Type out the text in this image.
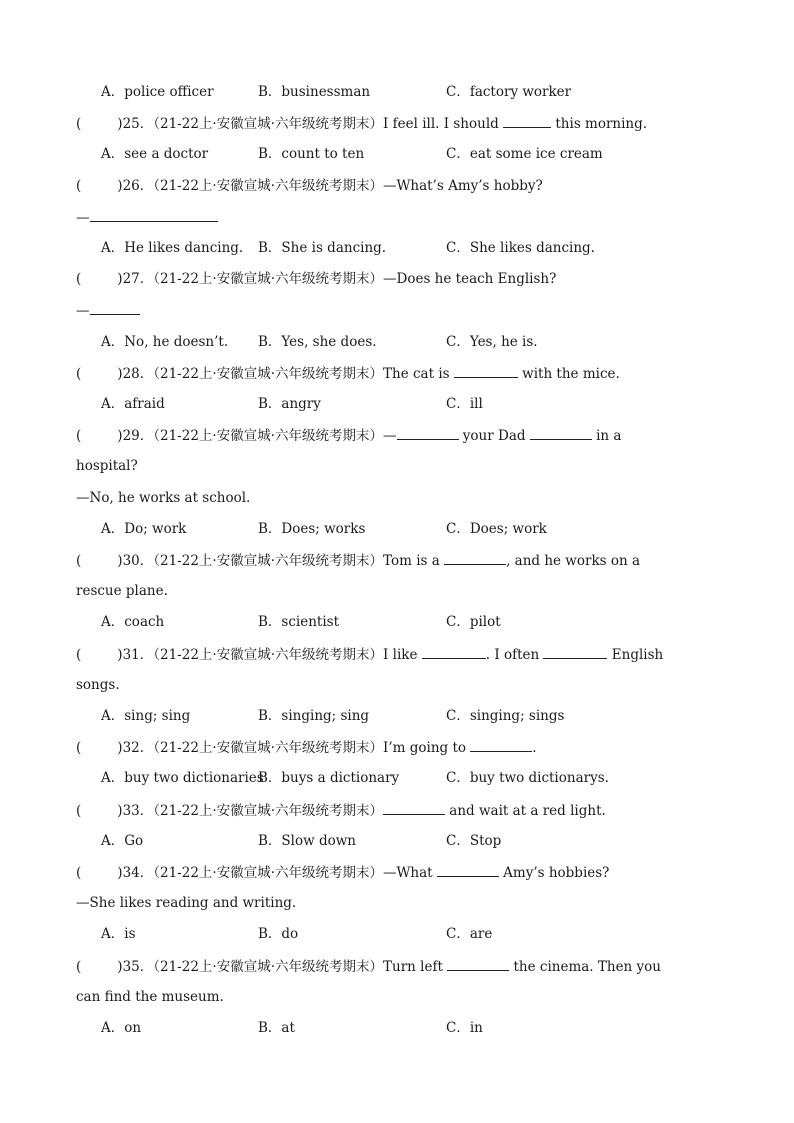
A．police officer	B．businessman	C．factory worker
(	)25．（21-22上·安徽宣城·六年级统考期末）I feel ill. I should	this morning.
A．see a doctor	B．count to ten	C．eat some ice cream
(	)26．（21-22上·安徽宣城·六年级统考期末）—What’s Amy’s hobby?
—
A．He likes dancing. B．She is dancing.	C．She likes dancing.
(	)27．（21-22上·安徽宣城·六年级统考期末）—Does he teach English?
—
A．No, he doesn’t. B．Yes, she does.	C．Yes, he is.
(	)28．（21-22上·安徽宣城·六年级统考期末）The cat is	with the mice.
A．afraid	B．angry	C．ill
(	)29．（21-22上·安徽宣城·六年级统考期末）—	your Dad	in a
hospital?
—No, he works at school.
A．Do; work	B．Does; works	C．Does; work
(	)30．（21-22上·安徽宣城·六年级统考期末）Tom is a	, and he works on a
rescue plane.
A．coach	B．scientist	C．pilot
(	)31．（21-22上·安徽宣城·六年级统考期末）I like	. I often	English
songs.
A．sing; sing	B．singing; sing	C．singing; sings
(	)32．（21-22上·安徽宣城·六年级统考期末）I’m going to	.
A．buy two dictionaries
B．buys a dictionary	C．buy two dictionarys.
(	)33．（21-22上·安徽宣城·六年级统考期末）	and wait at a red light.
A．Go	B．Slow down	C．Stop
(	)34．（21-22上·安徽宣城·六年级统考期末）—What	Amy’s hobbies?
—She likes reading and writing.
A．is	B．do	C．are
(	)35．（21-22上·安徽宣城·六年级统考期末）Turn left	the cinema. Then you
can find the museum.
A．on	B．at	C．in
